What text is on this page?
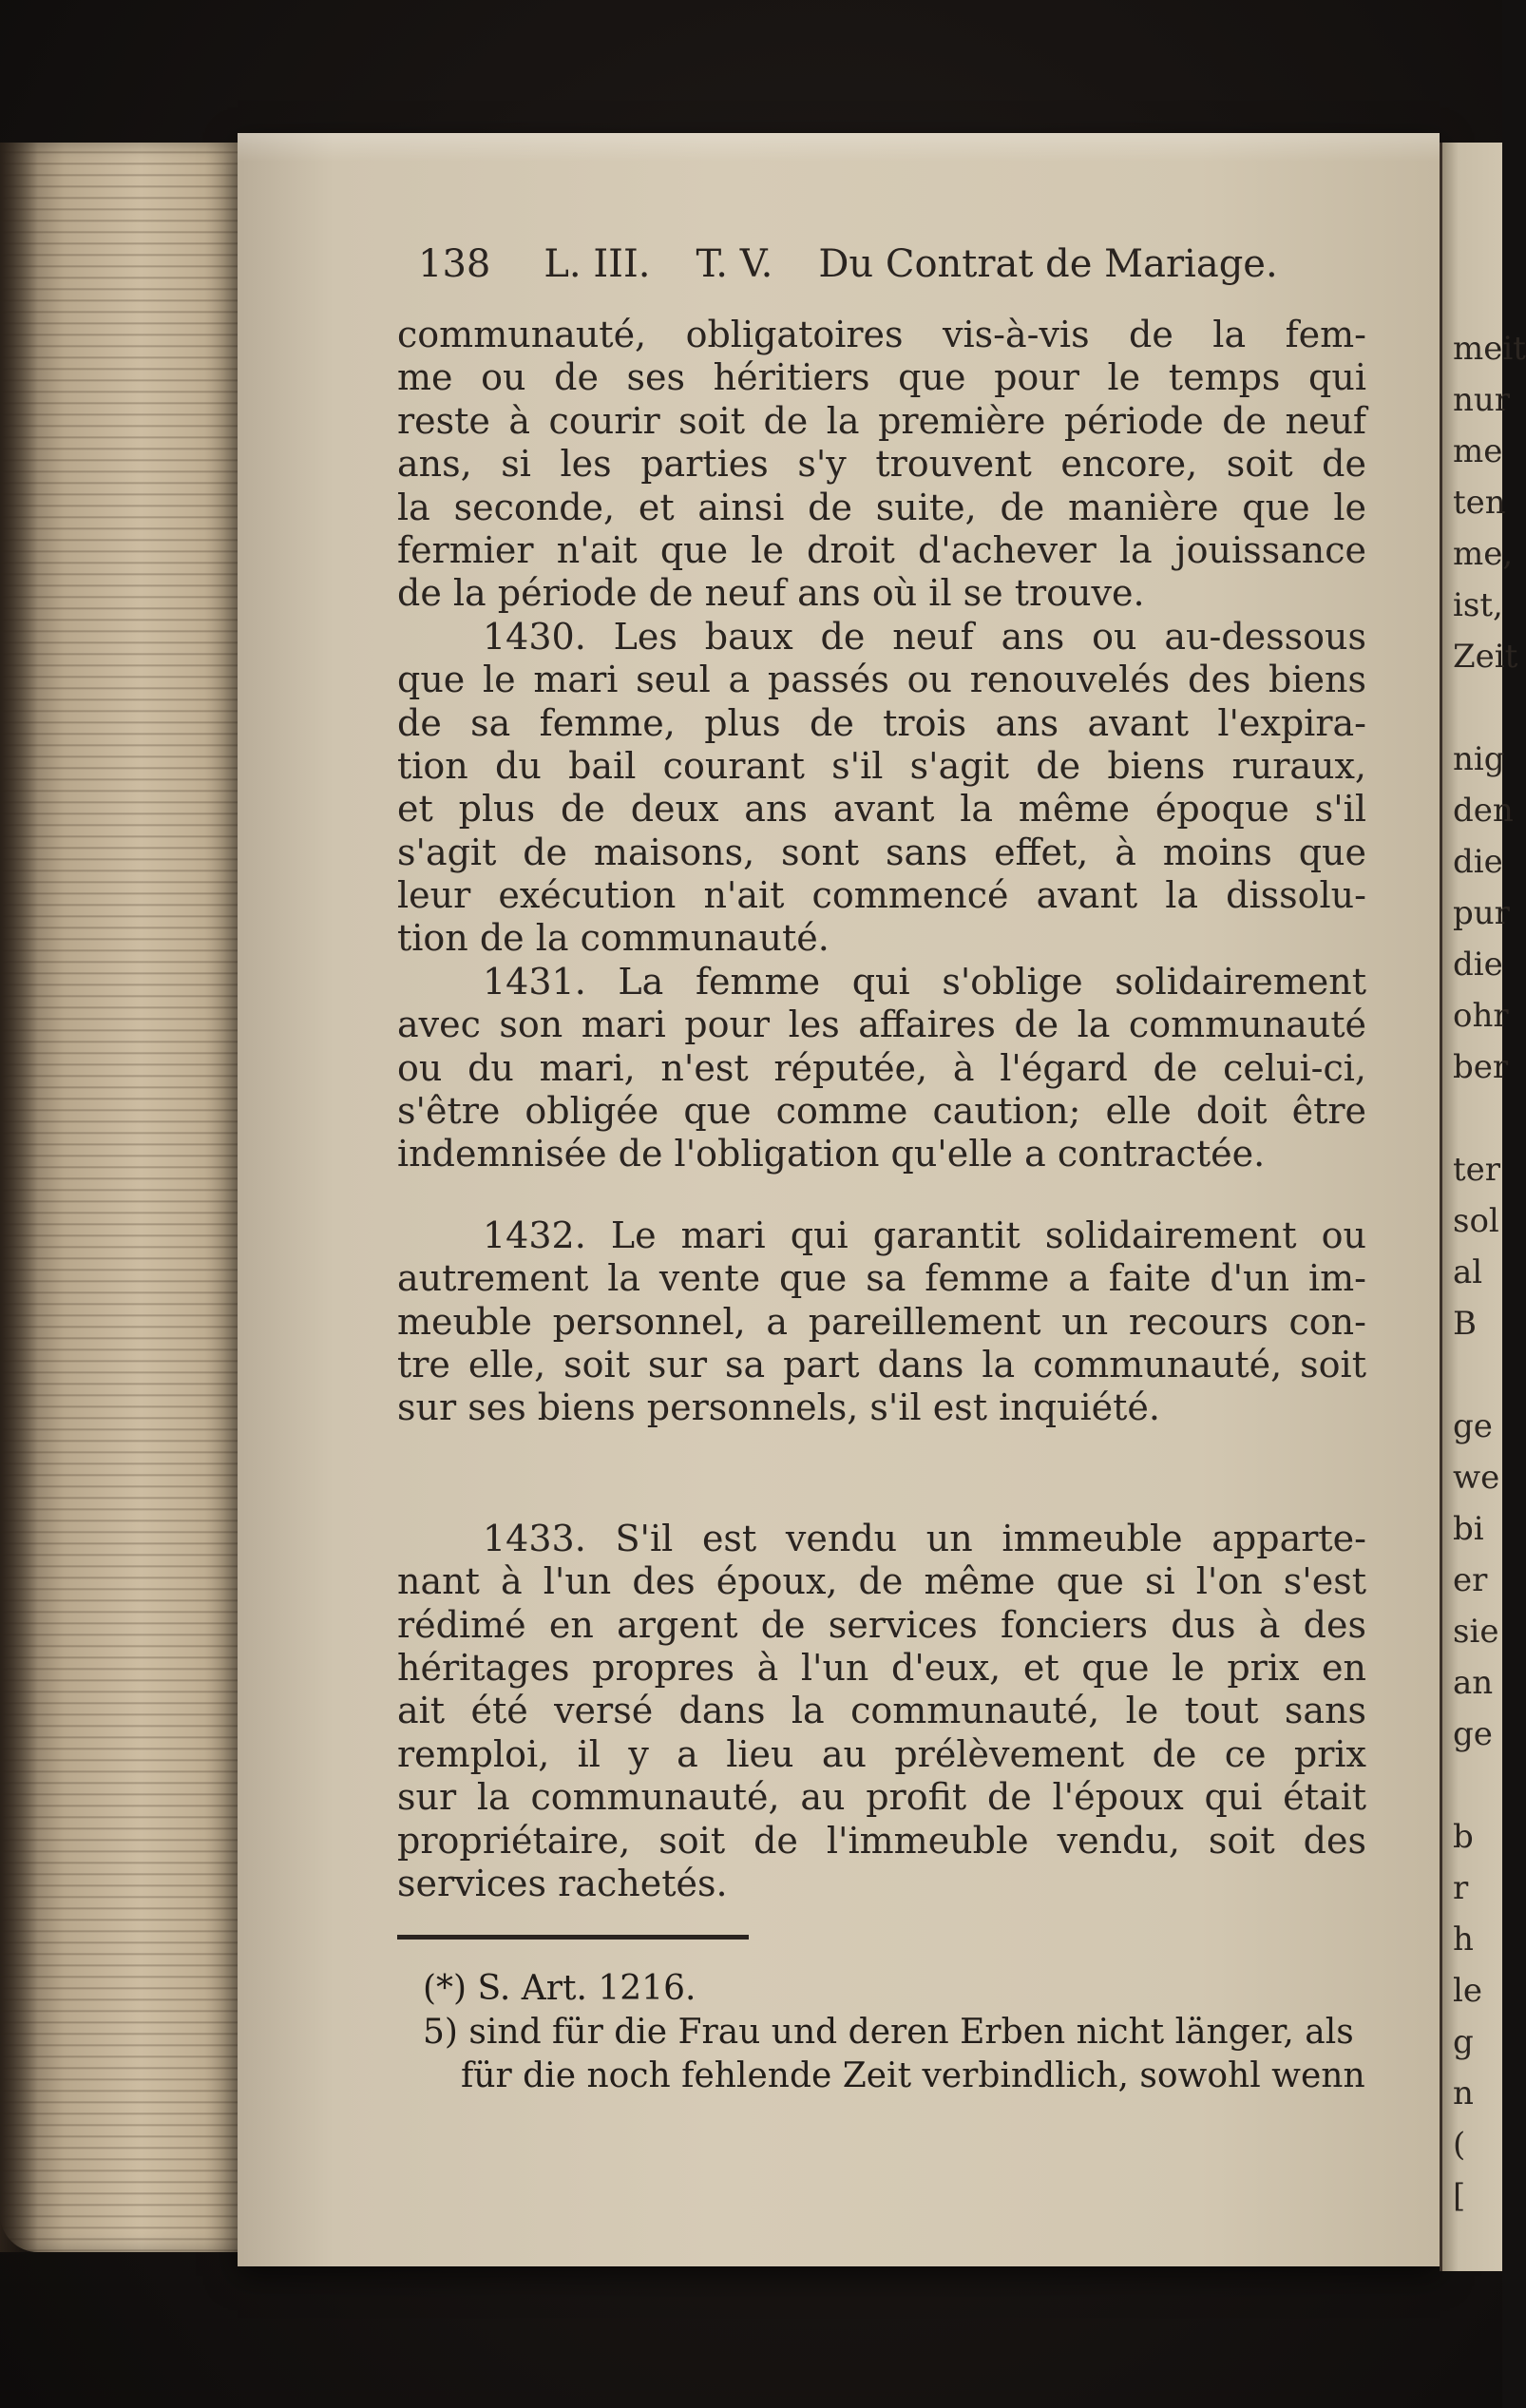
meit
nur
me
ten
me,
ist,
Zeit

nig
den
die
pur
die
ohr
ber

ter
sol
al
B

ge
we
bi
er
sie
an
ge

b
r
h
le
g
n
(
[
138 L. III. T. V. Du Contrat de Mariage.
communauté, obligatoires vis-à-vis de la fem-
me ou de ses héritiers que pour le temps qui
reste à courir soit de la première période de neuf
ans, si les parties s'y trouvent encore, soit de
la seconde, et ainsi de suite, de manière que le
fermier n'ait que le droit d'achever la jouissance
de la période de neuf ans où il se trouve.
1430. Les baux de neuf ans ou au-dessous
que le mari seul a passés ou renouvelés des biens
de sa femme, plus de trois ans avant l'expira-
tion du bail courant s'il s'agit de biens ruraux,
et plus de deux ans avant la même époque s'il
s'agit de maisons, sont sans effet, à moins que
leur exécution n'ait commencé avant la dissolu-
tion de la communauté.
1431. La femme qui s'oblige solidairement
avec son mari pour les affaires de la communauté
ou du mari, n'est réputée, à l'égard de celui-ci,
s'être obligée que comme caution; elle doit être
indemnisée de l'obligation qu'elle a contractée.
1432. Le mari qui garantit solidairement ou
autrement la vente que sa femme a faite d'un im-
meuble personnel, a pareillement un recours con-
tre elle, soit sur sa part dans la communauté, soit
sur ses biens personnels, s'il est inquiété.
1433. S'il est vendu un immeuble apparte-
nant à l'un des époux, de même que si l'on s'est
rédimé en argent de services fonciers dus à des
héritages propres à l'un d'eux, et que le prix en
ait été versé dans la communauté, le tout sans
remploi, il y a lieu au prélèvement de ce prix
sur la communauté, au profit de l'époux qui était
propriétaire, soit de l'immeuble vendu, soit des
services rachetés.
(*) S. Art. 1216.
5) sind für die Frau und deren Erben nicht länger, als
für die noch fehlende Zeit verbindlich, sowohl wenn
